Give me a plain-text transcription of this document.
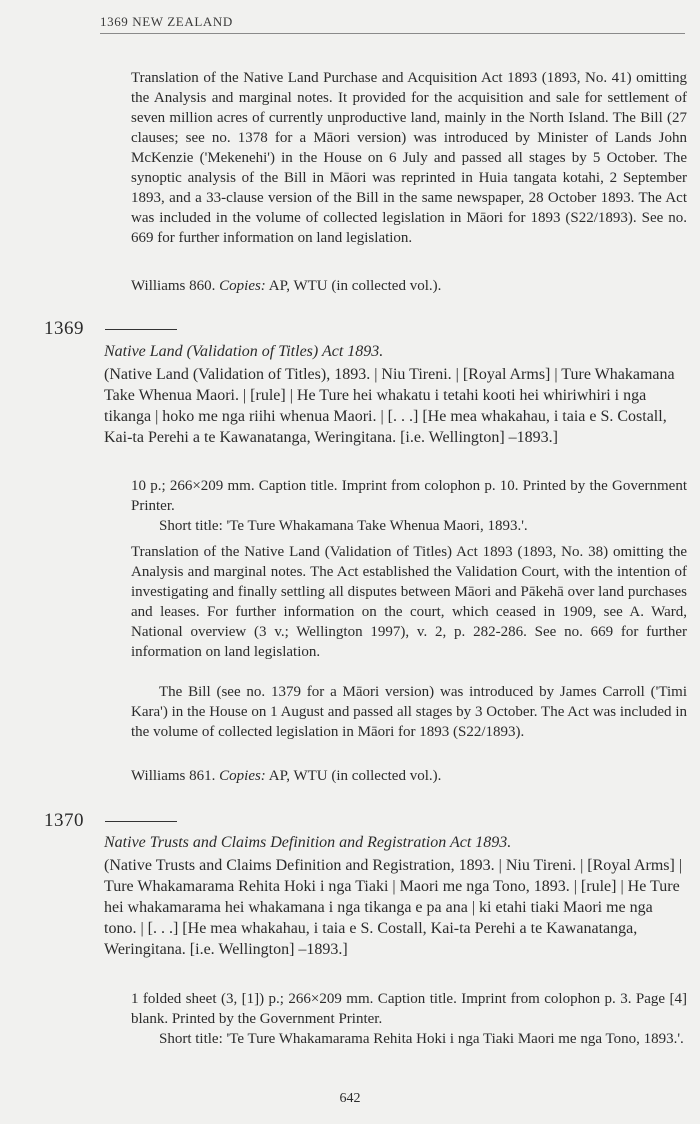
1369 NEW ZEALAND

Translation of the Native Land Purchase and Acquisition Act 1893 (1893, No. 41) omitting the Analysis and marginal notes. It provided for the acquisition and sale for settlement of seven million acres of currently unproductive land, mainly in the North Island. The Bill (27 clauses; see no. 1378 for a Māori version) was introduced by Minister of Lands John McKenzie ('Mekenehi') in the House on 6 July and passed all stages by 5 October. The synoptic analysis of the Bill in Māori was reprinted in Huia tangata kotahi, 2 September 1893, and a 33-clause version of the Bill in the same newspaper, 28 October 1893. The Act was included in the volume of collected legislation in Māori for 1893 (S22/1893). See no. 669 for further information on land legislation.

Williams 860. Copies: AP, WTU (in collected vol.).
1369
Native Land (Validation of Titles) Act 1893.

(Native Land (Validation of Titles), 1893. | Niu Tireni. | [Royal Arms] | Ture Whakamana Take Whenua Maori. | [rule] | He Ture hei whakatu i tetahi kooti hei whiriwhiri i nga tikanga | hoko me nga riihi whenua Maori. | [. . .] [He mea whakahau, i taia e S. Costall, Kai-ta Perehi a te Kawanatanga, Weringitana. [i.e. Wellington] –1893.]

10 p.; 266×209 mm. Caption title. Imprint from colophon p. 10. Printed by the Government Printer.

Short title: 'Te Ture Whakamana Take Whenua Maori, 1893.'.

Translation of the Native Land (Validation of Titles) Act 1893 (1893, No. 38) omitting the Analysis and marginal notes. The Act established the Validation Court, with the intention of investigating and finally settling all disputes between Māori and Pākehā over land purchases and leases. For further information on the court, which ceased in 1909, see A. Ward, National overview (3 v.; Wellington 1997), v. 2, p. 282-286. See no. 669 for further information on land legislation.

The Bill (see no. 1379 for a Māori version) was introduced by James Carroll ('Timi Kara') in the House on 1 August and passed all stages by 3 October. The Act was included in the volume of collected legislation in Māori for 1893 (S22/1893).

Williams 861. Copies: AP, WTU (in collected vol.).
1370
Native Trusts and Claims Definition and Registration Act 1893.

(Native Trusts and Claims Definition and Registration, 1893. | Niu Tireni. | [Royal Arms] | Ture Whakamarama Rehita Hoki i nga Tiaki | Maori me nga Tono, 1893. | [rule] | He Ture hei whakamarama hei whakamana i nga tikanga e pa ana | ki etahi tiaki Maori me nga tono. | [. . .] [He mea whakahau, i taia e S. Costall, Kai-ta Perehi a te Kawanatanga, Weringitana. [i.e. Wellington] –1893.]

1 folded sheet (3, [1]) p.; 266×209 mm. Caption title. Imprint from colophon p. 3. Page [4] blank. Printed by the Government Printer.

Short title: 'Te Ture Whakamarama Rehita Hoki i nga Tiaki Maori me nga Tono, 1893.'.

642
